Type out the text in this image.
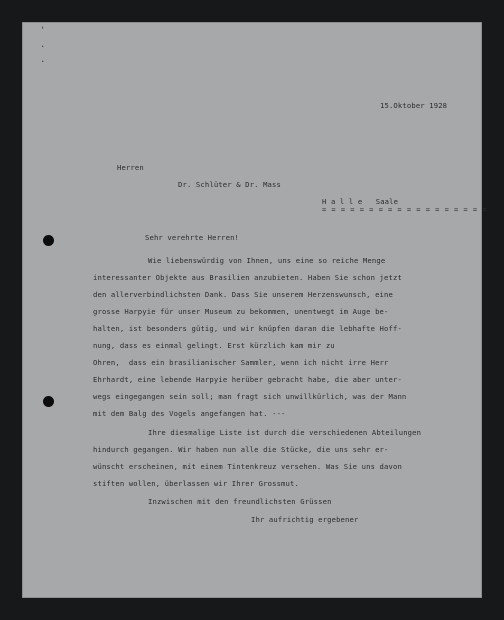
'
.
.
15.Oktober 1928
Herren
Dr. Schlüter & Dr. Mass
H a l l e   Saale
= = = = = = = = = = = = = = = = = =
Sehr verehrte Herren!
Wie liebenswürdig von Ihnen, uns eine so reiche Menge
interessanter Objekte aus Brasilien anzubieten. Haben Sie schon jetzt
den allerverbindlichsten Dank. Dass Sie unserem Herzenswunsch, eine
grosse Harpyie für unser Museum zu bekommen, unentwegt im Auge be-
halten, ist besonders gütig, und wir knüpfen daran die lebhafte Hoff-
nung, dass es einmal gelingt. Erst kürzlich kam mir zu
Ohren,  dass ein brasilianischer Sammler, wenn ich nicht irre Herr
Ehrhardt, eine lebende Harpyie herüber gebracht habe, die aber unter-
wegs eingegangen sein soll; man fragt sich unwillkürlich, was der Mann
mit dem Balg des Vogels angefangen hat. ---
Ihre diesmalige Liste ist durch die verschiedenen Abteilungen
hindurch gegangen. Wir haben nun alle die Stücke, die uns sehr er-
wünscht erscheinen, mit einem Tintenkreuz versehen. Was Sie uns davon
stiften wollen, überlassen wir Ihrer Grossmut.
Inzwischen mit den freundlichsten Grüssen
Ihr aufrichtig ergebener
